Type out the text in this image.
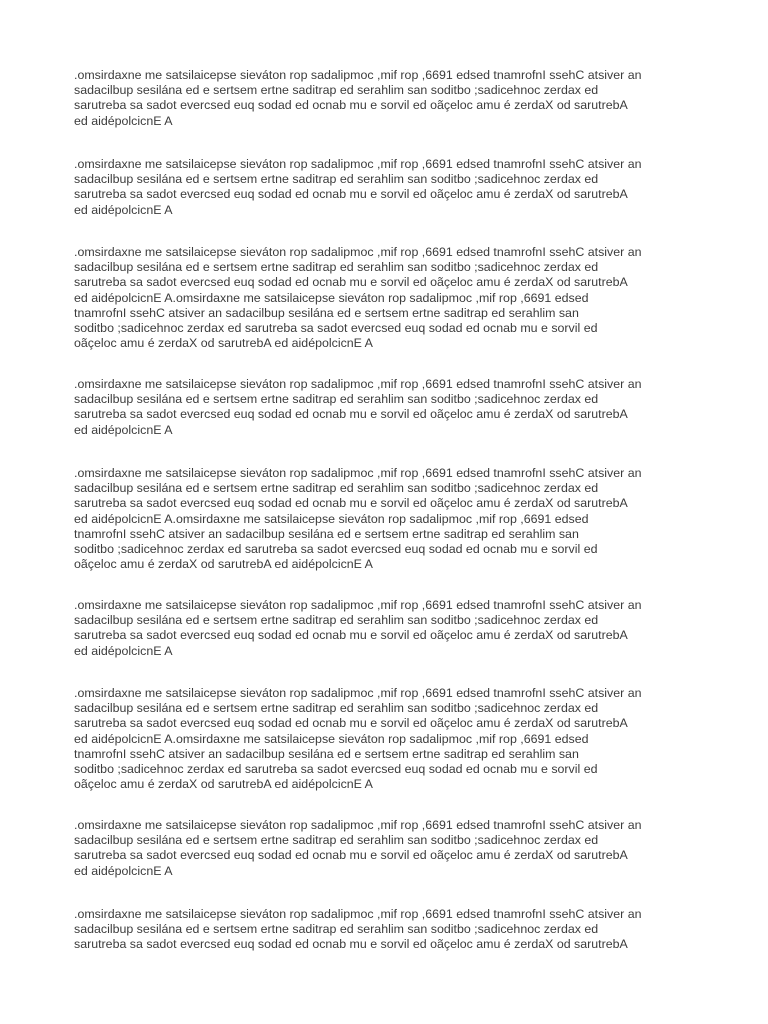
.omsirdaxne me satsilaicepse sieváton rop sadalipmoc ,mif rop ,6691 edsed tnamrofnI ssehC atsiver an
sadacilbup sesilána ed e sertsem ertne saditrap ed serahlim san soditbo ;sadicehnoc zerdax ed
sarutreba sa sadot evercsed euq sodad ed ocnab mu e sorvil ed oãçeloc amu é zerdaX od sarutrebA
ed aidépolcicnE A

.omsirdaxne me satsilaicepse sieváton rop sadalipmoc ,mif rop ,6691 edsed tnamrofnI ssehC atsiver an
sadacilbup sesilána ed e sertsem ertne saditrap ed serahlim san soditbo ;sadicehnoc zerdax ed
sarutreba sa sadot evercsed euq sodad ed ocnab mu e sorvil ed oãçeloc amu é zerdaX od sarutrebA
ed aidépolcicnE A

.omsirdaxne me satsilaicepse sieváton rop sadalipmoc ,mif rop ,6691 edsed tnamrofnI ssehC atsiver an
sadacilbup sesilána ed e sertsem ertne saditrap ed serahlim san soditbo ;sadicehnoc zerdax ed
sarutreba sa sadot evercsed euq sodad ed ocnab mu e sorvil ed oãçeloc amu é zerdaX od sarutrebA
ed aidépolcicnE A.omsirdaxne me satsilaicepse sieváton rop sadalipmoc ,mif rop ,6691 edsed
tnamrofnI ssehC atsiver an sadacilbup sesilána ed e sertsem ertne saditrap ed serahlim san
soditbo ;sadicehnoc zerdax ed sarutreba sa sadot evercsed euq sodad ed ocnab mu e sorvil ed
oãçeloc amu é zerdaX od sarutrebA ed aidépolcicnE A

.omsirdaxne me satsilaicepse sieváton rop sadalipmoc ,mif rop ,6691 edsed tnamrofnI ssehC atsiver an
sadacilbup sesilána ed e sertsem ertne saditrap ed serahlim san soditbo ;sadicehnoc zerdax ed
sarutreba sa sadot evercsed euq sodad ed ocnab mu e sorvil ed oãçeloc amu é zerdaX od sarutrebA
ed aidépolcicnE A

.omsirdaxne me satsilaicepse sieváton rop sadalipmoc ,mif rop ,6691 edsed tnamrofnI ssehC atsiver an
sadacilbup sesilána ed e sertsem ertne saditrap ed serahlim san soditbo ;sadicehnoc zerdax ed
sarutreba sa sadot evercsed euq sodad ed ocnab mu e sorvil ed oãçeloc amu é zerdaX od sarutrebA
ed aidépolcicnE A.omsirdaxne me satsilaicepse sieváton rop sadalipmoc ,mif rop ,6691 edsed
tnamrofnI ssehC atsiver an sadacilbup sesilána ed e sertsem ertne saditrap ed serahlim san
soditbo ;sadicehnoc zerdax ed sarutreba sa sadot evercsed euq sodad ed ocnab mu e sorvil ed
oãçeloc amu é zerdaX od sarutrebA ed aidépolcicnE A

.omsirdaxne me satsilaicepse sieváton rop sadalipmoc ,mif rop ,6691 edsed tnamrofnI ssehC atsiver an
sadacilbup sesilána ed e sertsem ertne saditrap ed serahlim san soditbo ;sadicehnoc zerdax ed
sarutreba sa sadot evercsed euq sodad ed ocnab mu e sorvil ed oãçeloc amu é zerdaX od sarutrebA
ed aidépolcicnE A

.omsirdaxne me satsilaicepse sieváton rop sadalipmoc ,mif rop ,6691 edsed tnamrofnI ssehC atsiver an
sadacilbup sesilána ed e sertsem ertne saditrap ed serahlim san soditbo ;sadicehnoc zerdax ed
sarutreba sa sadot evercsed euq sodad ed ocnab mu e sorvil ed oãçeloc amu é zerdaX od sarutrebA
ed aidépolcicnE A.omsirdaxne me satsilaicepse sieváton rop sadalipmoc ,mif rop ,6691 edsed
tnamrofnI ssehC atsiver an sadacilbup sesilána ed e sertsem ertne saditrap ed serahlim san
soditbo ;sadicehnoc zerdax ed sarutreba sa sadot evercsed euq sodad ed ocnab mu e sorvil ed
oãçeloc amu é zerdaX od sarutrebA ed aidépolcicnE A

.omsirdaxne me satsilaicepse sieváton rop sadalipmoc ,mif rop ,6691 edsed tnamrofnI ssehC atsiver an
sadacilbup sesilána ed e sertsem ertne saditrap ed serahlim san soditbo ;sadicehnoc zerdax ed
sarutreba sa sadot evercsed euq sodad ed ocnab mu e sorvil ed oãçeloc amu é zerdaX od sarutrebA
ed aidépolcicnE A

.omsirdaxne me satsilaicepse sieváton rop sadalipmoc ,mif rop ,6691 edsed tnamrofnI ssehC atsiver an
sadacilbup sesilána ed e sertsem ertne saditrap ed serahlim san soditbo ;sadicehnoc zerdax ed
sarutreba sa sadot evercsed euq sodad ed ocnab mu e sorvil ed oãçeloc amu é zerdaX od sarutrebA
